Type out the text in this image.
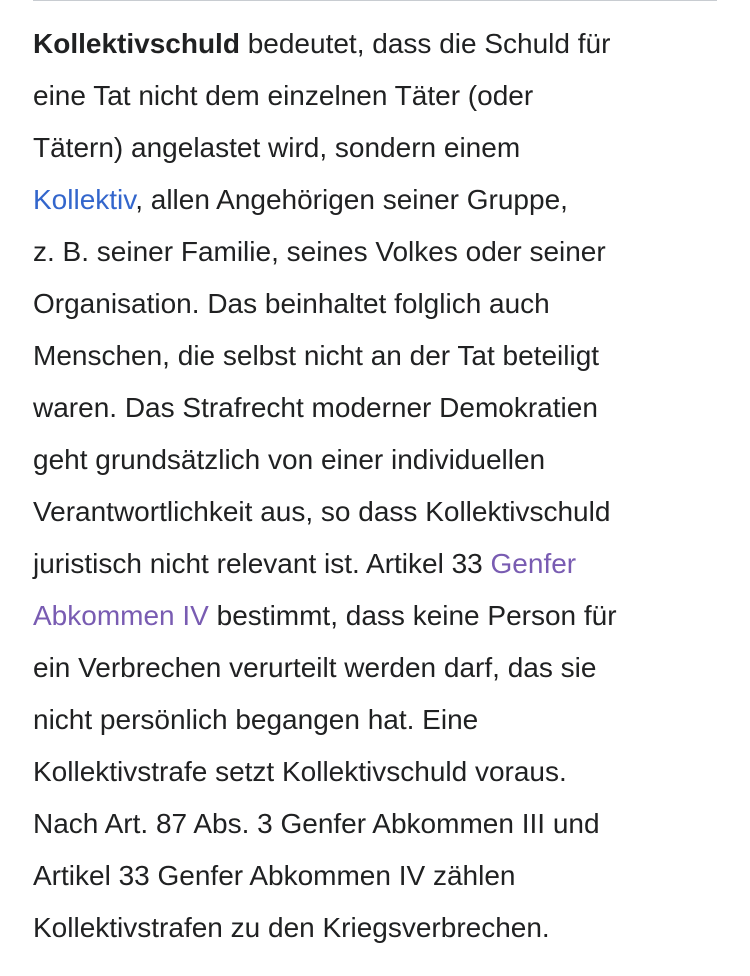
Kollektivschuld bedeutet, dass die Schuld für
eine Tat nicht dem einzelnen Täter (oder
Tätern) angelastet wird, sondern einem
Kollektiv, allen Angehörigen seiner Gruppe,
z. B. seiner Familie, seines Volkes oder seiner
Organisation. Das beinhaltet folglich auch
Menschen, die selbst nicht an der Tat beteiligt
waren. Das Strafrecht moderner Demokratien
geht grundsätzlich von einer individuellen
Verantwortlichkeit aus, so dass Kollektivschuld
juristisch nicht relevant ist. Artikel 33 Genfer
Abkommen IV bestimmt, dass keine Person für
ein Verbrechen verurteilt werden darf, das sie
nicht persönlich begangen hat. Eine
Kollektivstrafe setzt Kollektivschuld voraus.
Nach Art. 87 Abs. 3 Genfer Abkommen III und
Artikel 33 Genfer Abkommen IV zählen
Kollektivstrafen zu den Kriegsverbrechen.
